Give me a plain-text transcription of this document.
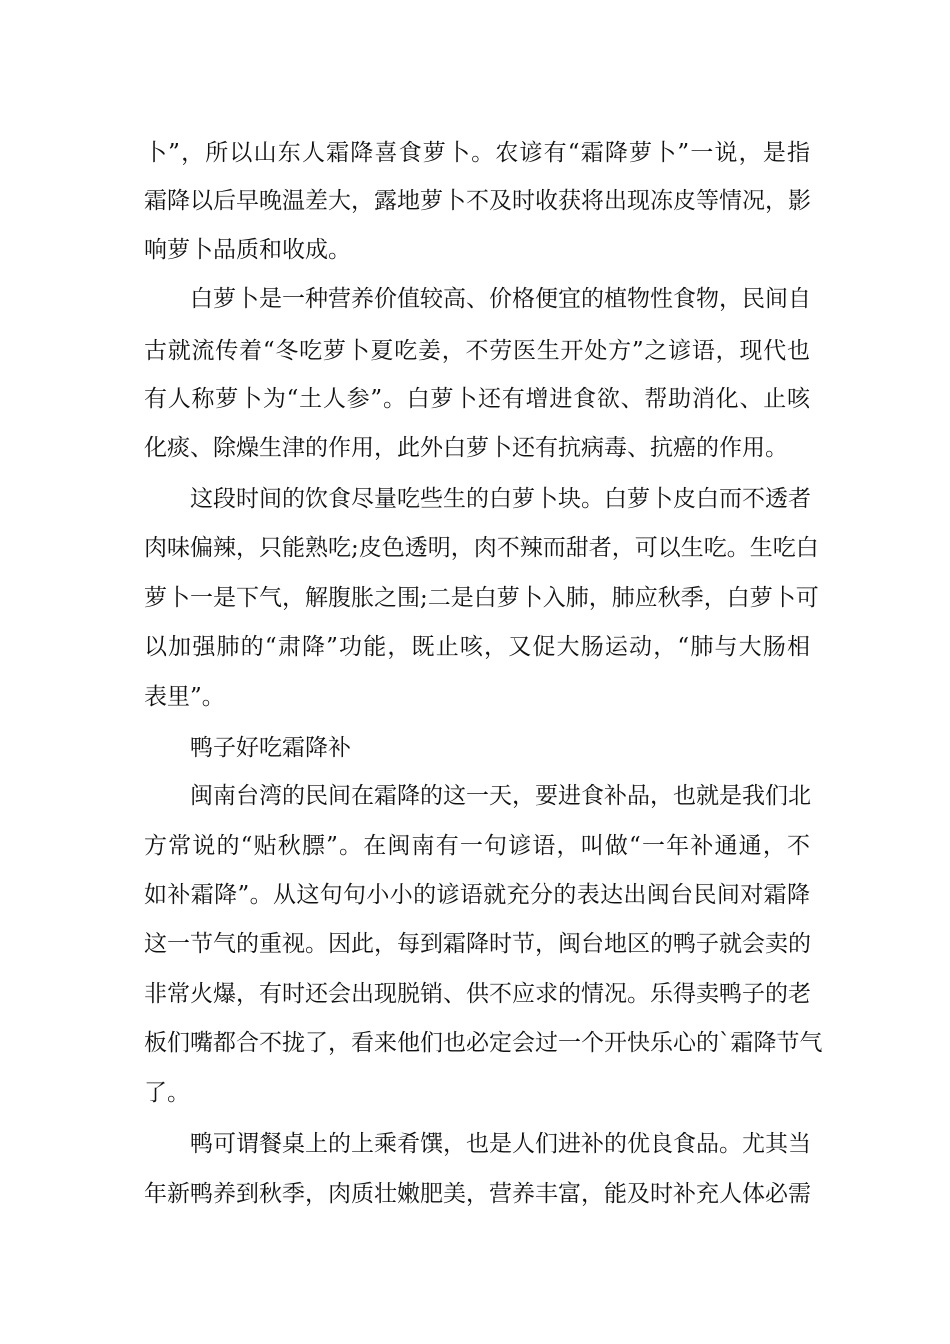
卜”，所以山东人霜降喜食萝卜。农谚有“霜降萝卜”一说，是指
霜降以后早晚温差大，露地萝卜不及时收获将出现冻皮等情况，影
响萝卜品质和收成。
白萝卜是一种营养价值较高、价格便宜的植物性食物，民间自
古就流传着“冬吃萝卜夏吃姜，不劳医生开处方”之谚语，现代也
有人称萝卜为“土人参”。白萝卜还有增进食欲、帮助消化、止咳
化痰、除燥生津的作用，此外白萝卜还有抗病毒、抗癌的作用。
这段时间的饮食尽量吃些生的白萝卜块。白萝卜皮白而不透者
肉味偏辣，只能熟吃;皮色透明，肉不辣而甜者，可以生吃。生吃白
萝卜一是下气，解腹胀之围;二是白萝卜入肺，肺应秋季，白萝卜可
以加强肺的“肃降”功能，既止咳，又促大肠运动，“肺与大肠相
表里”。
鸭子好吃霜降补
闽南台湾的民间在霜降的这一天，要进食补品，也就是我们北
方常说的“贴秋膘”。在闽南有一句谚语，叫做“一年补通通，不
如补霜降”。从这句句小小的谚语就充分的表达出闽台民间对霜降
这一节气的重视。因此，每到霜降时节，闽台地区的鸭子就会卖的
非常火爆，有时还会出现脱销、供不应求的情况。乐得卖鸭子的老
板们嘴都合不拢了，看来他们也必定会过一个开快乐心的`霜降节气
了。
鸭可谓餐桌上的上乘肴馔，也是人们进补的优良食品。尤其当
年新鸭养到秋季，肉质壮嫩肥美，营养丰富，能及时补充人体必需
